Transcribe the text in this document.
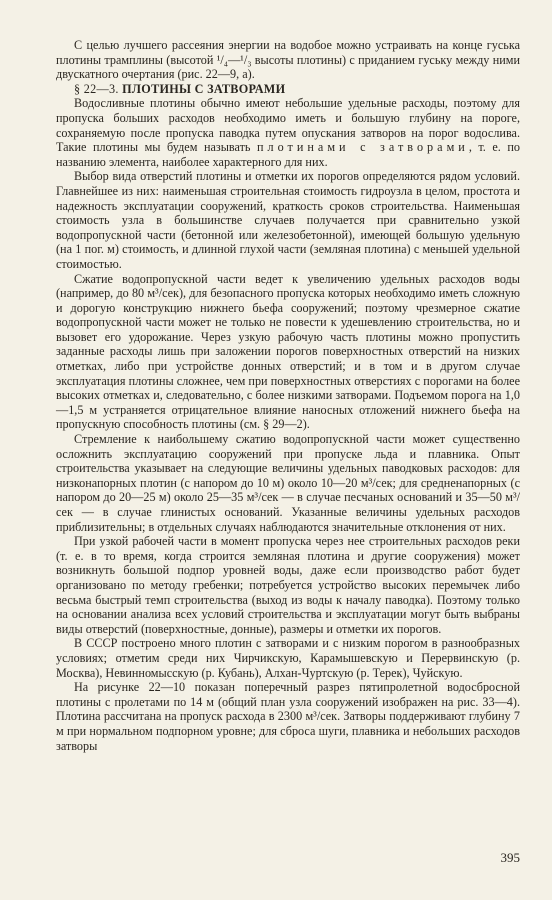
С целью лучшего рассеяния энергии на водобое можно устраивать на конце гуська плотины трамплины (высотой ¹/₄—¹/₃ высоты плотины) с приданием гуську между ними двускатного очертания (рис. 22—9, а).

§ 22—3. ПЛОТИНЫ С ЗАТВОРАМИ

Водосливные плотины обычно имеют небольшие удельные расходы, поэтому для пропуска больших расходов необходимо иметь и большую глубину на пороге, сохраняемую после пропуска паводка путем опускания затворов на порог водослива. Такие плотины мы будем называть плотинами с затворами, т. е. по названию элемента, наиболее характерного для них.

Выбор вида отверстий плотины и отметки их порогов определяются рядом условий. Главнейшее из них: наименьшая строительная стоимость гидроузла в целом, простота и надежность эксплуатации сооружений, краткость сроков строительства. Наименьшая стоимость узла в большинстве случаев получается при сравнительно узкой водопропускной части (бетонной или железобетонной), имеющей большую удельную (на 1 пог. м) стоимость, и длинной глухой части (земляная плотина) с меньшей удельной стоимостью.

Сжатие водопропускной части ведет к увеличению удельных расходов воды (например, до 80 м³/сек), для безопасного пропуска которых необходимо иметь сложную и дорогую конструкцию нижнего бьефа сооружений; поэтому чрезмерное сжатие водопропускной части может не только не повести к удешевлению строительства, но и вызовет его удорожание. Через узкую рабочую часть плотины можно пропустить заданные расходы лишь при заложении порогов поверхностных отверстий на низких отметках, либо при устройстве донных отверстий; и в том и в другом случае эксплуатация плотины сложнее, чем при поверхностных отверстиях с порогами на более высоких отметках и, следовательно, с более низкими затворами. Подъемом порога на 1,0—1,5 м устраняется отрицательное влияние наносных отложений нижнего бьефа на пропускную способность плотины (см. § 29—2).

Стремление к наибольшему сжатию водопропускной части может существенно осложнить эксплуатацию сооружений при пропуске льда и плавника. Опыт строительства указывает на следующие величины удельных паводковых расходов: для низконапорных плотин (с напором до 10 м) около 10—20 м³/сек; для средненапорных (с напором до 20—25 м) около 25—35 м³/сек — в случае песчаных оснований и 35—50 м³/сек — в случае глинистых оснований. Указанные величины удельных расходов приблизительны; в отдельных случаях наблюдаются значительные отклонения от них.

При узкой рабочей части в момент пропуска через нее строительных расходов реки (т. е. в то время, когда строится земляная плотина и другие сооружения) может возникнуть большой подпор уровней воды, даже если производство работ будет организовано по методу гребенки; потребуется устройство высоких перемычек либо весьма быстрый темп строительства (выход из воды к началу паводка). Поэтому только на основании анализа всех условий строительства и эксплуатации могут быть выбраны виды отверстий (поверхностные, донные), размеры и отметки их порогов.

В СССР построено много плотин с затворами и с низким порогом в разнообразных условиях; отметим среди них Чирчикскую, Карамышевскую и Перервинскую (р. Москва), Невинномысскую (р. Кубань), Алхан-Чуртскую (р. Терек), Чуйскую.

На рисунке 22—10 показан поперечный разрез пятипролетной водосбросной плотины с пролетами по 14 м (общий план узла сооружений изображен на рис. 33—4). Плотина рассчитана на пропуск расхода в 2300 м³/сек. Затворы поддерживают глубину 7 м при нормальном подпорном уровне; для сброса шуги, плавника и небольших расходов затворы

395
